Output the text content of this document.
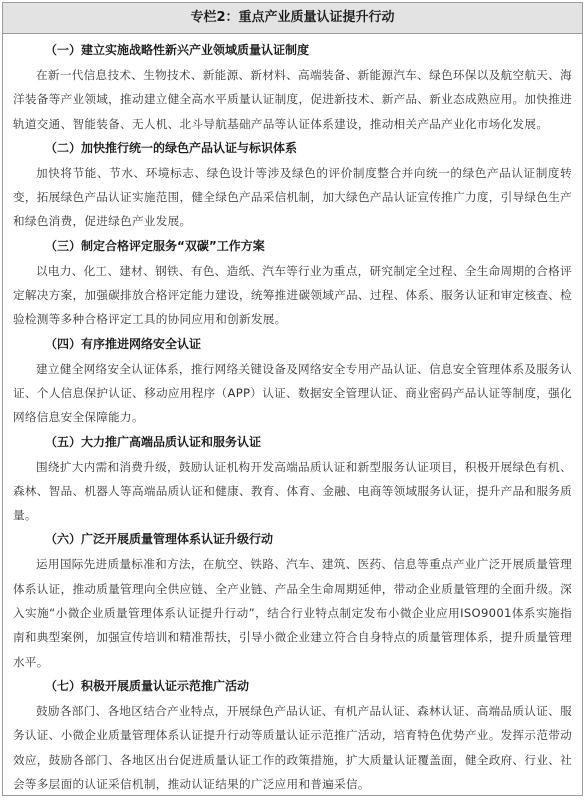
专栏2：重点产业质量认证提升行动

（一）建立实施战略性新兴产业领域质量认证制度

在新一代信息技术、生物技术、新能源、新材料、高端装备、新能源汽车、绿色环保以及航空航天、海洋装备等产业领域，推动建立健全高水平质量认证制度，促进新技术、新产品、新业态成熟应用。加快推进轨道交通、智能装备、无人机、北斗导航基础产品等认证体系建设，推动相关产品产业化市场化发展。

（二）加快推行统一的绿色产品认证与标识体系

加快将节能、节水、环境标志、绿色设计等涉及绿色的评价制度整合并向统一的绿色产品认证制度转变，拓展绿色产品认证实施范围，健全绿色产品采信机制，加大绿色产品认证宣传推广力度，引导绿色生产和绿色消费，促进绿色产业发展。

（三）制定合格评定服务“双碳”工作方案

以电力、化工、建材、钢铁、有色、造纸、汽车等行业为重点，研究制定全过程、全生命周期的合格评定解决方案，加强碳排放合格评定能力建设，统筹推进碳领域产品、过程、体系、服务认证和审定核查、检验检测等多种合格评定工具的协同应用和创新发展。

（四）有序推进网络安全认证

建立健全网络安全认证体系，推行网络关键设备及网络安全专用产品认证、信息安全管理体系及服务认证、个人信息保护认证、移动应用程序（APP）认证、数据安全管理认证、商业密码产品认证等制度，强化网络信息安全保障能力。

（五）大力推广高端品质认证和服务认证

围绕扩大内需和消费升级，鼓励认证机构开发高端品质认证和新型服务认证项目，积极开展绿色有机、森林、智品、机器人等高端品质认证和健康、教育、体育、金融、电商等领域服务认证，提升产品和服务质量。

（六）广泛开展质量管理体系认证升级行动

运用国际先进质量标准和方法，在航空、铁路、汽车、建筑、医药、信息等重点产业广泛开展质量管理体系认证，推动质量管理向全供应链、全产业链、产品全生命周期延伸，带动企业质量管理的全面升级。深入实施“小微企业质量管理体系认证提升行动”，结合行业特点制定发布小微企业应用ISO9001体系实施指南和典型案例，加强宣传培训和精准帮扶，引导小微企业建立符合自身特点的质量管理体系，提升质量管理水平。

（七）积极开展质量认证示范推广活动

鼓励各部门、各地区结合产业特点，开展绿色产品认证、有机产品认证、森林认证、高端品质认证、服务认证、小微企业质量管理体系认证提升行动等质量认证示范推广活动，培育特色优势产业。发挥示范带动效应，鼓励各部门、各地区出台促进质量认证工作的政策措施，扩大质量认证覆盖面，健全政府、行业、社会等多层面的认证采信机制，推动认证结果的广泛应用和普遍采信。
